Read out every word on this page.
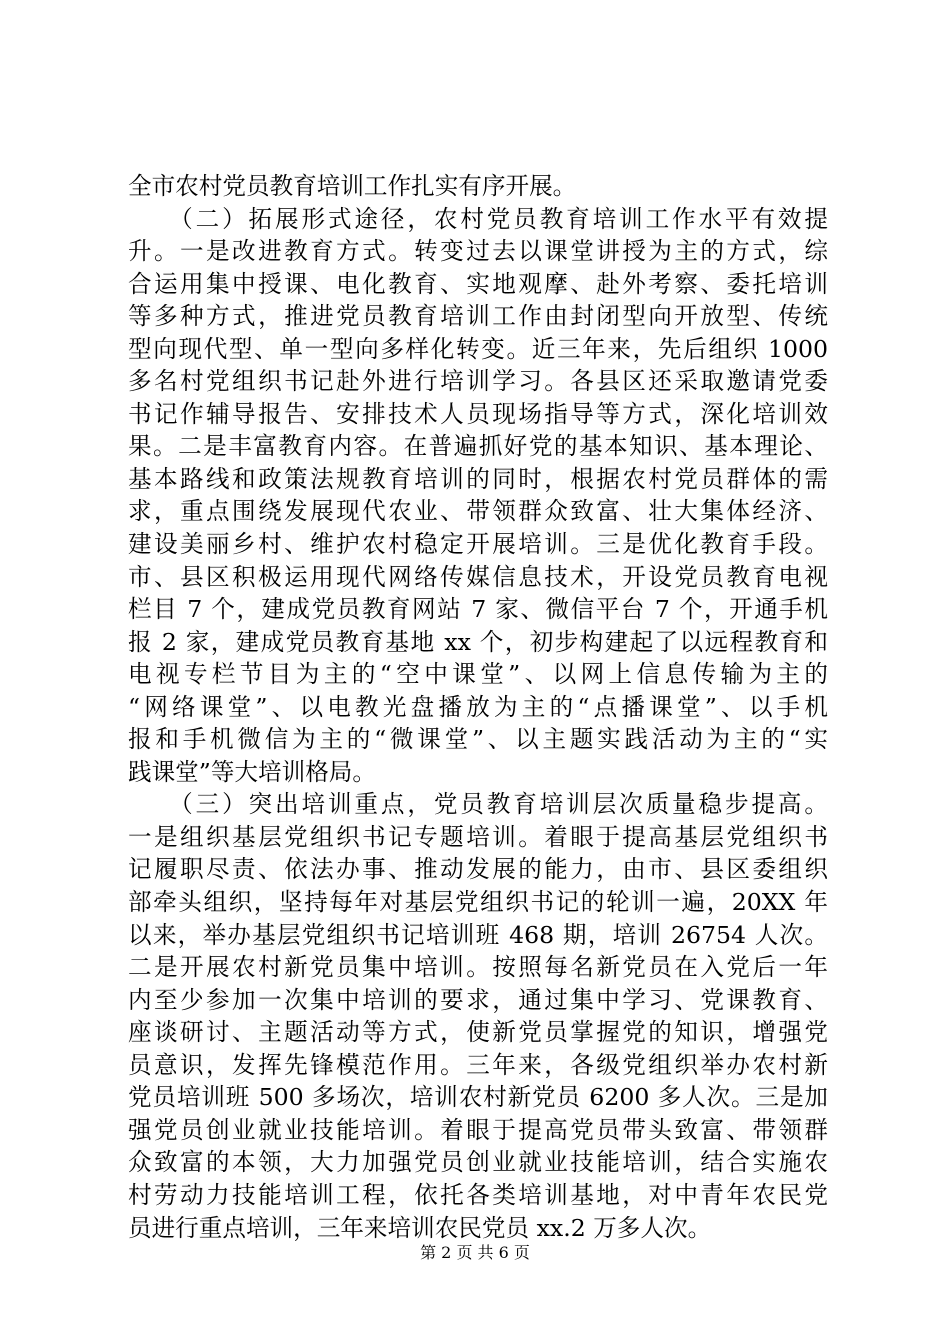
全市农村党员教育培训工作扎实有序开展。
　　（二）拓展形式途径，农村党员教育培训工作水平有效提
升。一是改进教育方式。转变过去以课堂讲授为主的方式，综
合运用集中授课、电化教育、实地观摩、赴外考察、委托培训
等多种方式，推进党员教育培训工作由封闭型向开放型、传统
型向现代型、单一型向多样化转变。近三年来，先后组织 1000
多名村党组织书记赴外进行培训学习。各县区还采取邀请党委
书记作辅导报告、安排技术人员现场指导等方式，深化培训效
果。二是丰富教育内容。在普遍抓好党的基本知识、基本理论、
基本路线和政策法规教育培训的同时，根据农村党员群体的需
求，重点围绕发展现代农业、带领群众致富、壮大集体经济、
建设美丽乡村、维护农村稳定开展培训。三是优化教育手段。
市、县区积极运用现代网络传媒信息技术，开设党员教育电视
栏目 7 个，建成党员教育网站 7 家、微信平台 7 个，开通手机
报 2 家，建成党员教育基地 xx 个，初步构建起了以远程教育和
电视专栏节目为主的“空中课堂”、以网上信息传输为主的
“网络课堂”、以电教光盘播放为主的“点播课堂”、以手机
报和手机微信为主的“微课堂”、以主题实践活动为主的“实
践课堂”等大培训格局。
　　（三）突出培训重点，党员教育培训层次质量稳步提高。
一是组织基层党组织书记专题培训。着眼于提高基层党组织书
记履职尽责、依法办事、推动发展的能力，由市、县区委组织
部牵头组织，坚持每年对基层党组织书记的轮训一遍，20XX 年
以来，举办基层党组织书记培训班 468 期，培训 26754 人次。
二是开展农村新党员集中培训。按照每名新党员在入党后一年
内至少参加一次集中培训的要求，通过集中学习、党课教育、
座谈研讨、主题活动等方式，使新党员掌握党的知识，增强党
员意识，发挥先锋模范作用。三年来，各级党组织举办农村新
党员培训班 500 多场次，培训农村新党员 6200 多人次。三是加
强党员创业就业技能培训。着眼于提高党员带头致富、带领群
众致富的本领，大力加强党员创业就业技能培训，结合实施农
村劳动力技能培训工程，依托各类培训基地，对中青年农民党
员进行重点培训，三年来培训农民党员 xx.2 万多人次。
第 2 页 共 6 页
